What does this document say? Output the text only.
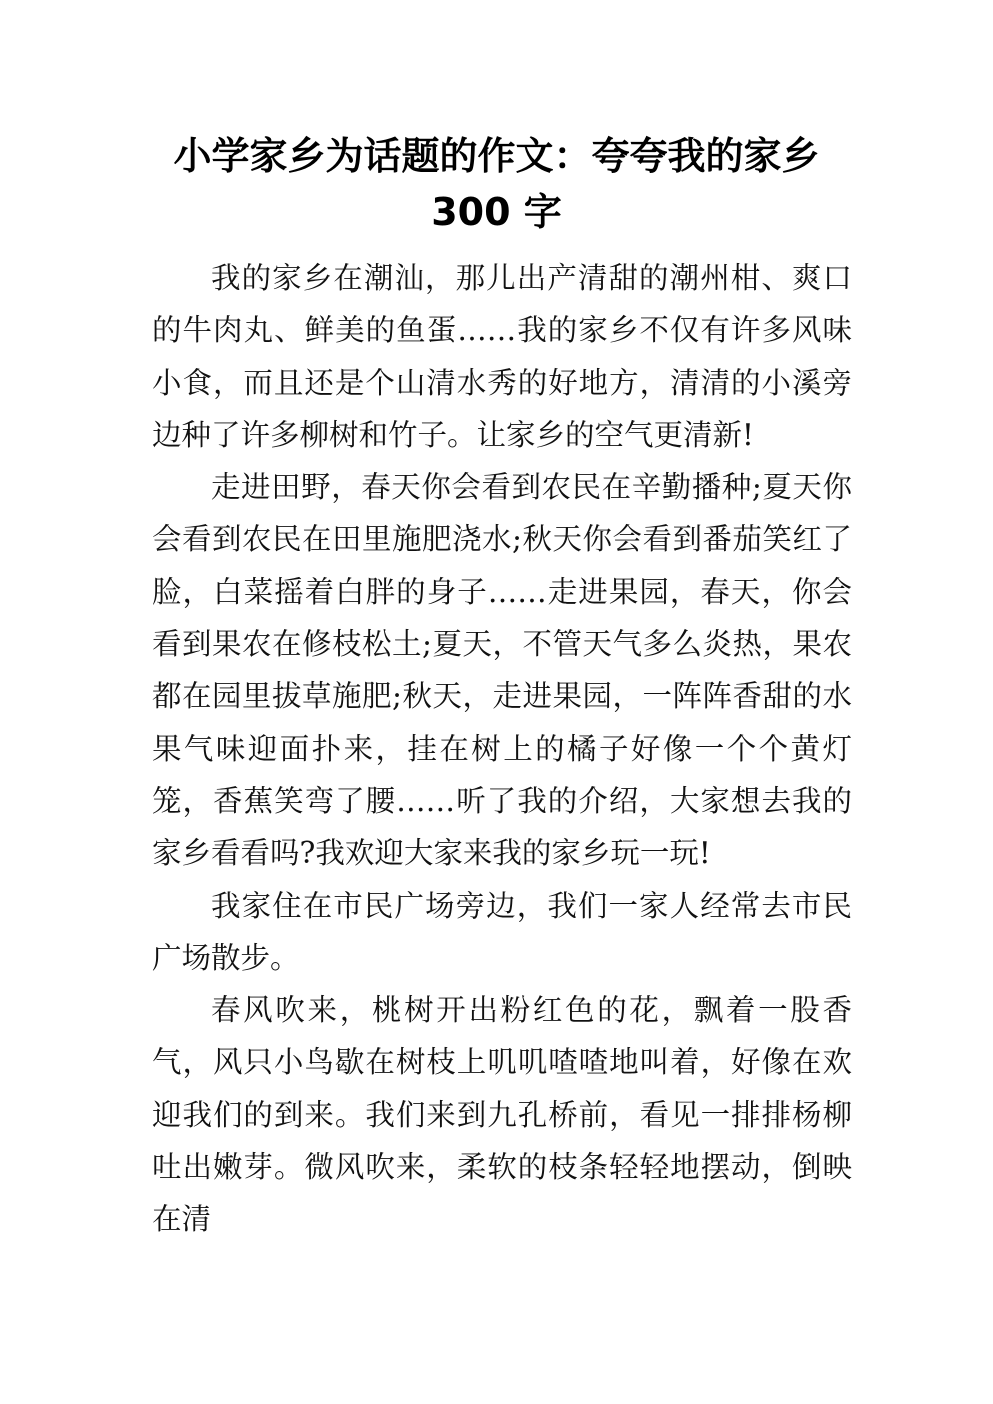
小学家乡为话题的作文：夸夸我的家乡
300 字

我的家乡在潮汕，那儿出产清甜的潮州柑、爽口的牛肉丸、鲜美的鱼蛋……我的家乡不仅有许多风味小食，而且还是个山清水秀的好地方，清清的小溪旁边种了许多柳树和竹子。让家乡的空气更清新!

走进田野，春天你会看到农民在辛勤播种;夏天你会看到农民在田里施肥浇水;秋天你会看到番茄笑红了脸，白菜摇着白胖的身子……走进果园，春天，你会看到果农在修枝松土;夏天，不管天气多么炎热，果农都在园里拔草施肥;秋天，走进果园，一阵阵香甜的水果气味迎面扑来，挂在树上的橘子好像一个个黄灯笼，香蕉笑弯了腰……听了我的介绍，大家想去我的家乡看看吗?我欢迎大家来我的家乡玩一玩!

我家住在市民广场旁边，我们一家人经常去市民广场散步。

春风吹来，桃树开出粉红色的花，飘着一股香气，风只小鸟歇在树枝上叽叽喳喳地叫着，好像在欢迎我们的到来。我们来到九孔桥前，看见一排排杨柳吐出嫩芽。微风吹来，柔软的枝条轻轻地摆动，倒映在清
